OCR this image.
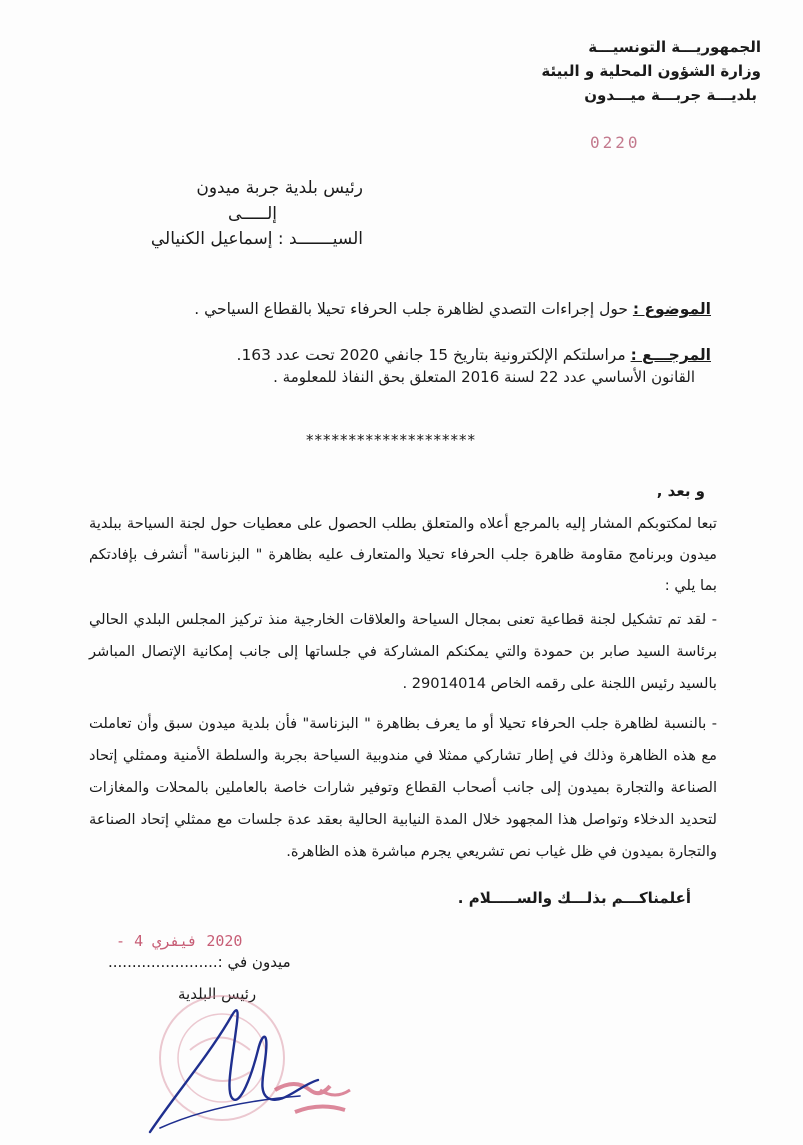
الجمهوريـــة التونسيـــة
وزارة الشؤون المحلية و البيئة
بلديـــة جربـــة ميـــدون
0220
رئيس بلدية جربة ميدون
إلـــــى
السيـــــــد : إسماعيل الكنيالي
الموضوع : حول إجراءات التصدي لظاهرة جلب الحرفاء تحيلا بالقطاع السياحي .
المرجـــع : مراسلتكم الإلكترونية بتاريخ 15 جانفي 2020 تحت عدد 163.
القانون الأساسي عدد 22 لسنة 2016 المتعلق بحق النفاذ للمعلومة .
********************
و بعد ,
تبعا لمكتوبكم المشار إليه بالمرجع أعلاه والمتعلق بطلب الحصول على معطيات حول لجنة السياحة ببلدية ميدون وبرنامج مقاومة ظاهرة جلب الحرفاء تحيلا والمتعارف عليه بظاهرة " البزناسة" أتشرف بإفادتكم بما يلي :
- لقد تم تشكيل لجنة قطاعية تعنى بمجال السياحة والعلاقات الخارجية منذ تركيز المجلس البلدي الحالي برئاسة السيد صابر بن حمودة والتي يمكنكم المشاركة في جلساتها إلى جانب إمكانية الإتصال المباشر بالسيد رئيس اللجنة على رقمه الخاص 29014014 .
- بالنسبة لظاهرة جلب الحرفاء تحيلا أو ما يعرف بظاهرة " البزناسة" فأن بلدية ميدون سبق وأن تعاملت مع هذه الظاهرة وذلك في إطار تشاركي ممثلا في مندوبية السياحة بجربة والسلطة الأمنية وممثلي إتحاد الصناعة والتجارة بميدون إلى جانب أصحاب القطاع وتوفير شارات خاصة بالعاملين بالمحلات والمغازات لتحديد الدخلاء وتواصل هذا المجهود خلال المدة النيابية الحالية بعقد عدة جلسات مع ممثلي إتحاد الصناعة والتجارة بميدون في ظل غياب نص تشريعي يجرم مباشرة هذه الظاهرة.
أعلمناكـــم بذلـــك والســـــلام .
2020 فيفري 4 -
ميدون في :.......................
رئيس البلدية
